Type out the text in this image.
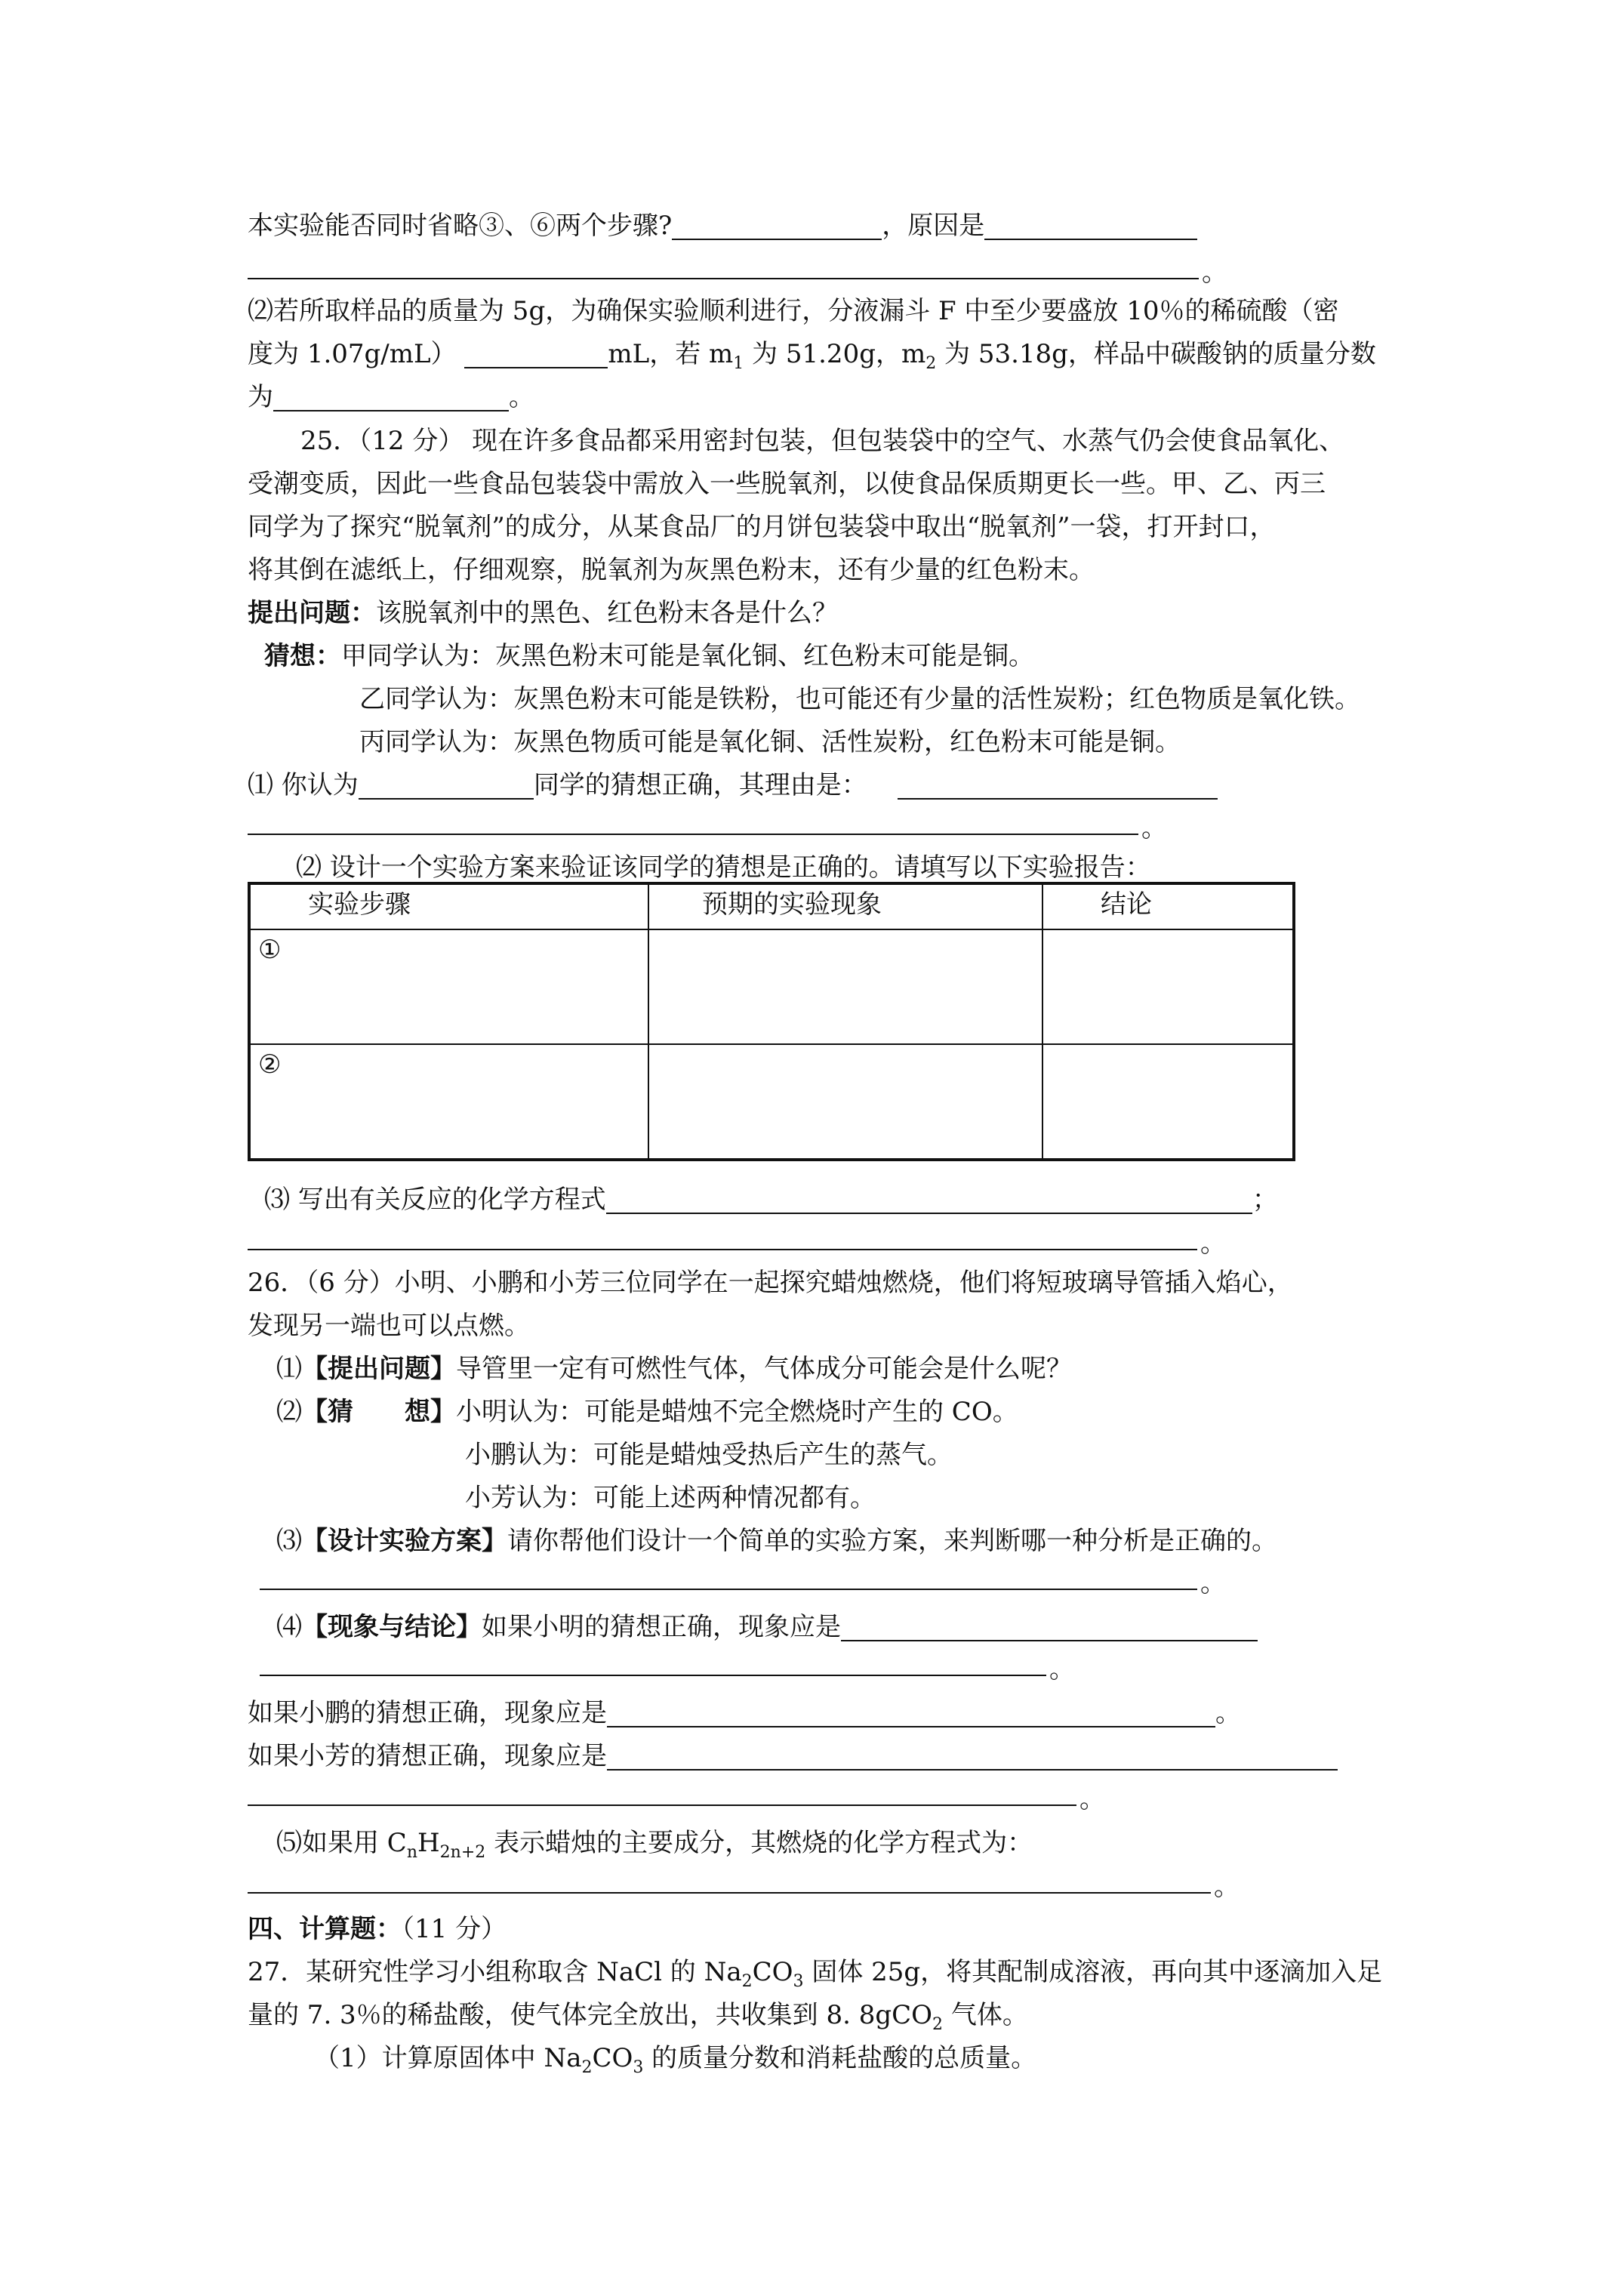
本实验能否同时省略③、⑥两个步骤?	，原因是
。
⑵若所取样品的质量为 5g，为确保实验顺利进行，分液漏斗 F 中至少要盛放 10％的稀硫酸（密
度为 1.07g/mL）	mL，若 $m_1$ 为 51.20g，$m_2$ 为 53.18g，样品中碳酸钠的质量分数
为	。
25．（12 分） 现在许多食品都采用密封包装，但包装袋中的空气、水蒸气仍会使食品氧化、
受潮变质，因此一些食品包装袋中需放入一些脱氧剂，以使食品保质期更长一些。甲、乙、丙三
同学为了探究“脱氧剂”的成分，从某食品厂的月饼包装袋中取出“脱氧剂”一袋，打开封口，
将其倒在滤纸上，仔细观察，脱氧剂为灰黑色粉末，还有少量的红色粉末。
提出问题：该脱氧剂中的黑色、红色粉末各是什么？
猜想：甲同学认为：灰黑色粉末可能是氧化铜、红色粉末可能是铜。
乙同学认为：灰黑色粉末可能是铁粉，也可能还有少量的活性炭粉；红色物质是氧化铁。
丙同学认为：灰黑色物质可能是氧化铜、活性炭粉，红色粉末可能是铜。
⑴ 你认为	同学的猜想正确，其理由是：
。
⑵ 设计一个实验方案来验证该同学的猜想是正确的。请填写以下实验报告：
实验步骤	预期的实验现象	结论
①		
②		
⑶ 写出有关反应的化学方程式	；
。
26．（6 分）小明、小鹏和小芳三位同学在一起探究蜡烛燃烧，他们将短玻璃导管插入焰心，
发现另一端也可以点燃。
⑴【提出问题】导管里一定有可燃性气体，气体成分可能会是什么呢？
⑵【猜　　想】小明认为：可能是蜡烛不完全燃烧时产生的 CO。
小鹏认为：可能是蜡烛受热后产生的蒸气。
小芳认为：可能上述两种情况都有。
⑶【设计实验方案】请你帮他们设计一个简单的实验方案，来判断哪一种分析是正确的。
。
⑷【现象与结论】如果小明的猜想正确，现象应是
。
如果小鹏的猜想正确，现象应是	。
如果小芳的猜想正确，现象应是
。
⑸如果用 $C_nH_{2n+2}$ 表示蜡烛的主要成分，其燃烧的化学方程式为：
。
四、计算题：（11 分）
27．某研究性学习小组称取含 NaCl 的 $Na_2CO_3$ 固体 25g，将其配制成溶液，再向其中逐滴加入足
量的 7. 3％的稀盐酸，使气体完全放出，共收集到 8. 8gCO$_2$ 气体。
（1）计算原固体中 $Na_2CO_3$ 的质量分数和消耗盐酸的总质量。
